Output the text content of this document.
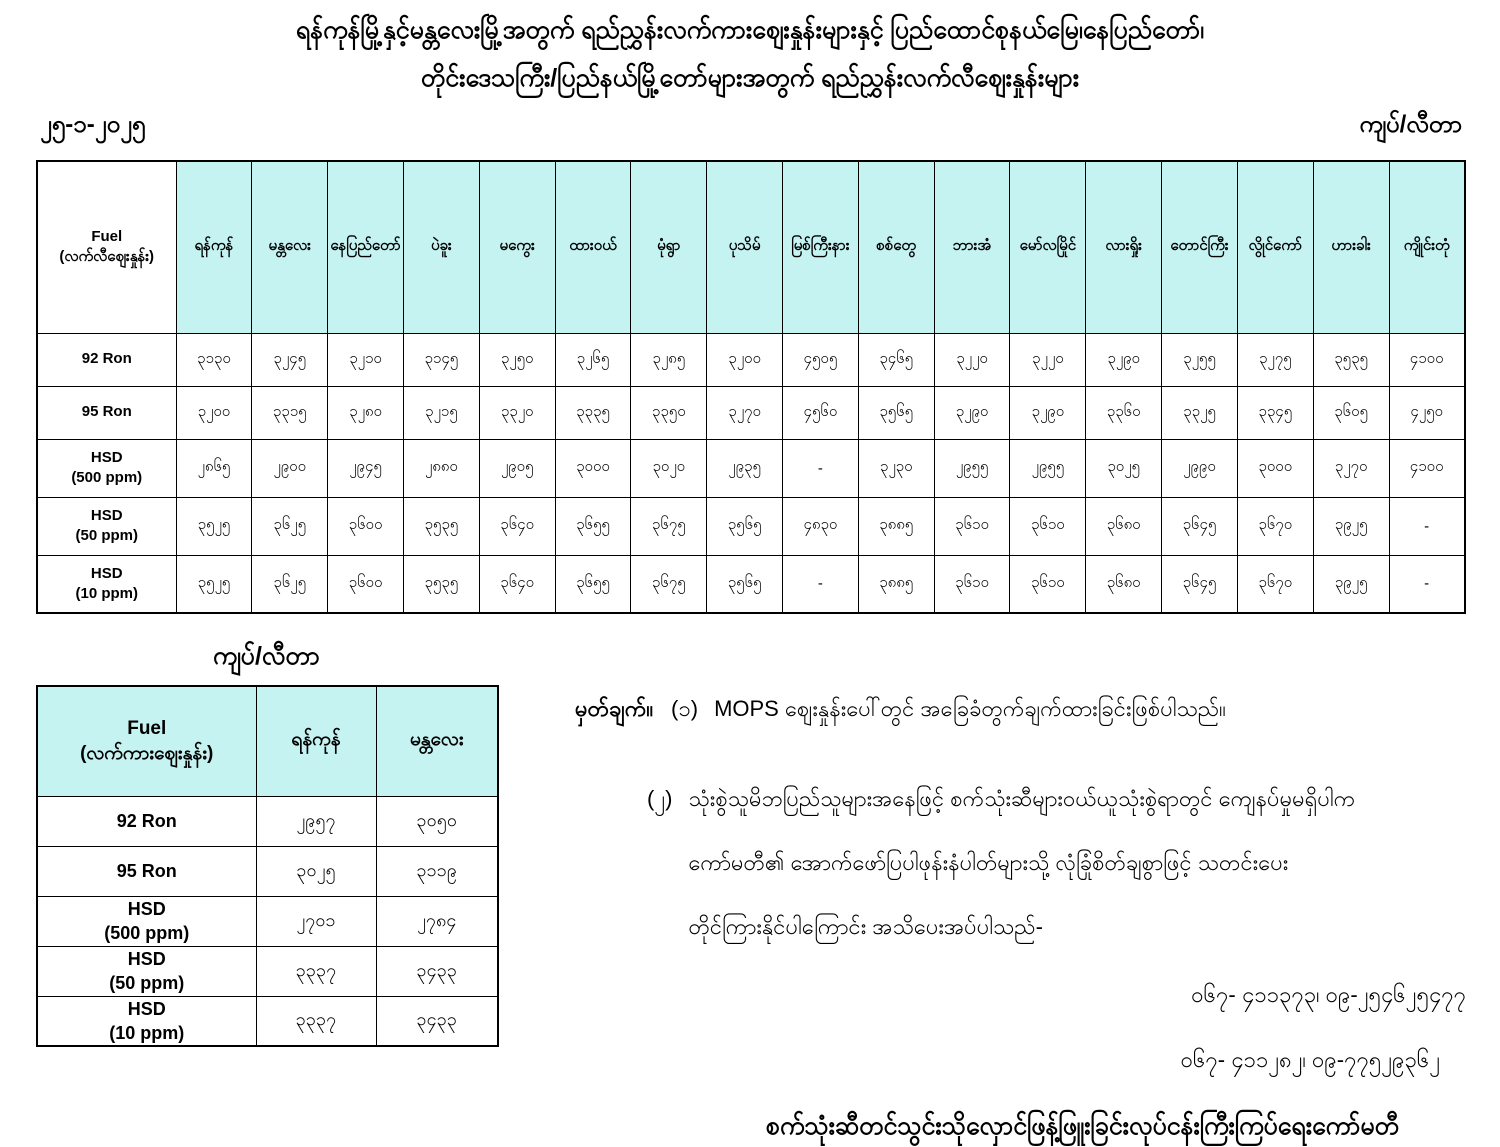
ရန်ကုန်မြို့နှင့်မန္တလေးမြို့အတွက် ရည်ညွှန်းလက်ကားဈေးနှုန်းများနှင့် ပြည်ထောင်စုနယ်မြေ၊နေပြည်တော်၊
တိုင်းဒေသကြီး/ပြည်နယ်မြို့တော်များအတွက် ရည်ညွှန်းလက်လီဈေးနှုန်းများ
၂၅-၁-၂၀၂၅	ကျပ်/လီတာ
Fuel
(လက်လီဈေးနှုန်း)	ရန်ကုန်	မန္တလေး	နေပြည်တော်	ပဲခူး	မကွေး	ထားဝယ်	မုံရွာ	ပုသိမ်	မြစ်ကြီးနား	စစ်တွေ	ဘားအံ	မော်လမြိုင်	လားရှိုး	တောင်ကြီး	လွိုင်ကော်	ဟားခါး	ကျိုင်းတုံ

92 Ron	၃၁၃၀	၃၂၄၅	၃၂၁၀	၃၁၄၅	၃၂၅၀	၃၂၆၅	၃၂၈၅	၃၂၀၀	၄၅၀၅	၃၄၆၅	၃၂၂၀	၃၂၂၀	၃၂၉၀	၃၂၅၅	၃၂၇၅	၃၅၃၅	၄၁၀၀

95 Ron	၃၂၀၀	၃၃၁၅	၃၂၈၀	၃၂၁၅	၃၃၂၀	၃၃၃၅	၃၃၅၀	၃၂၇၀	၄၅၆၀	၃၅၆၅	၃၂၉၀	၃၂၉၀	၃၃၆၀	၃၃၂၅	၃၃၄၅	၃၆၀၅	၄၂၅၀

HSD
(500 ppm)	၂၈၆၅	၂၉၀၀	၂၉၄၅	၂၈၈၀	၂၉၀၅	၃၀၀၀	၃၀၂၀	၂၉၃၅	-	၃၂၃၀	၂၉၅၅	၂၉၅၅	၃၀၂၅	၂၉၉၀	၃၀၀၀	၃၂၇၀	၄၁၀၀

HSD
(50 ppm)	၃၅၂၅	၃၆၂၅	၃၆၀၀	၃၅၃၅	၃၆၄၀	၃၆၅၅	၃၆၇၅	၃၅၆၅	၄၈၃၀	၃၈၈၅	၃၆၁၀	၃၆၁၀	၃၆၈၀	၃၆၄၅	၃၆၇၀	၃၉၂၅	-

HSD
(10 ppm)	၃၅၂၅	၃၆၂၅	၃၆၀၀	၃၅၃၅	၃၆၄၀	၃၆၅၅	၃၆၇၅	၃၅၆၅	-	၃၈၈၅	၃၆၁၀	၃၆၁၀	၃၆၈၀	၃၆၄၅	၃၆၇၀	၃၉၂၅	-
ကျပ်/လီတာ
Fuel
(လက်ကားဈေးနှုန်း)	ရန်ကုန်	မန္တလေး

92 Ron	၂၉၅၇	၃၀၅၀

95 Ron	၃၀၂၅	၃၁၁၉

HSD
(500 ppm)	၂၇၀၁	၂၇၈၄

HSD
(50 ppm)	၃၃၃၇	၃၄၃၃

HSD
(10 ppm)	၃၃၃၇	၃၄၃၃
မှတ်ချက်။ (၁) MOPS ဈေးနှုန်းပေါ်တွင် အခြေခံတွက်ချက်ထားခြင်းဖြစ်ပါသည်။
(၂) သုံးစွဲသူမိဘပြည်သူများအနေဖြင့် စက်သုံးဆီများဝယ်ယူသုံးစွဲရာတွင် ကျေနပ်မှုမရှိပါက
ကော်မတီ၏ အောက်ဖော်ပြပါဖုန်းနံပါတ်များသို့ လုံခြုံစိတ်ချစွာဖြင့် သတင်းပေး
တိုင်ကြားနိုင်ပါကြောင်း အသိပေးအပ်ပါသည်-
၀၆၇- ၄၁၁၃၇၃၊ ၀၉-၂၅၄၆၂၅၄၇၇
၀၆၇- ၄၁၁၂၈၂၊ ၀၉-၇၇၅၂၉၃၆၂
စက်သုံးဆီတင်သွင်းသိုလှောင်ဖြန့်ဖြူးခြင်းလုပ်ငန်းကြီးကြပ်ရေးကော်မတီ
